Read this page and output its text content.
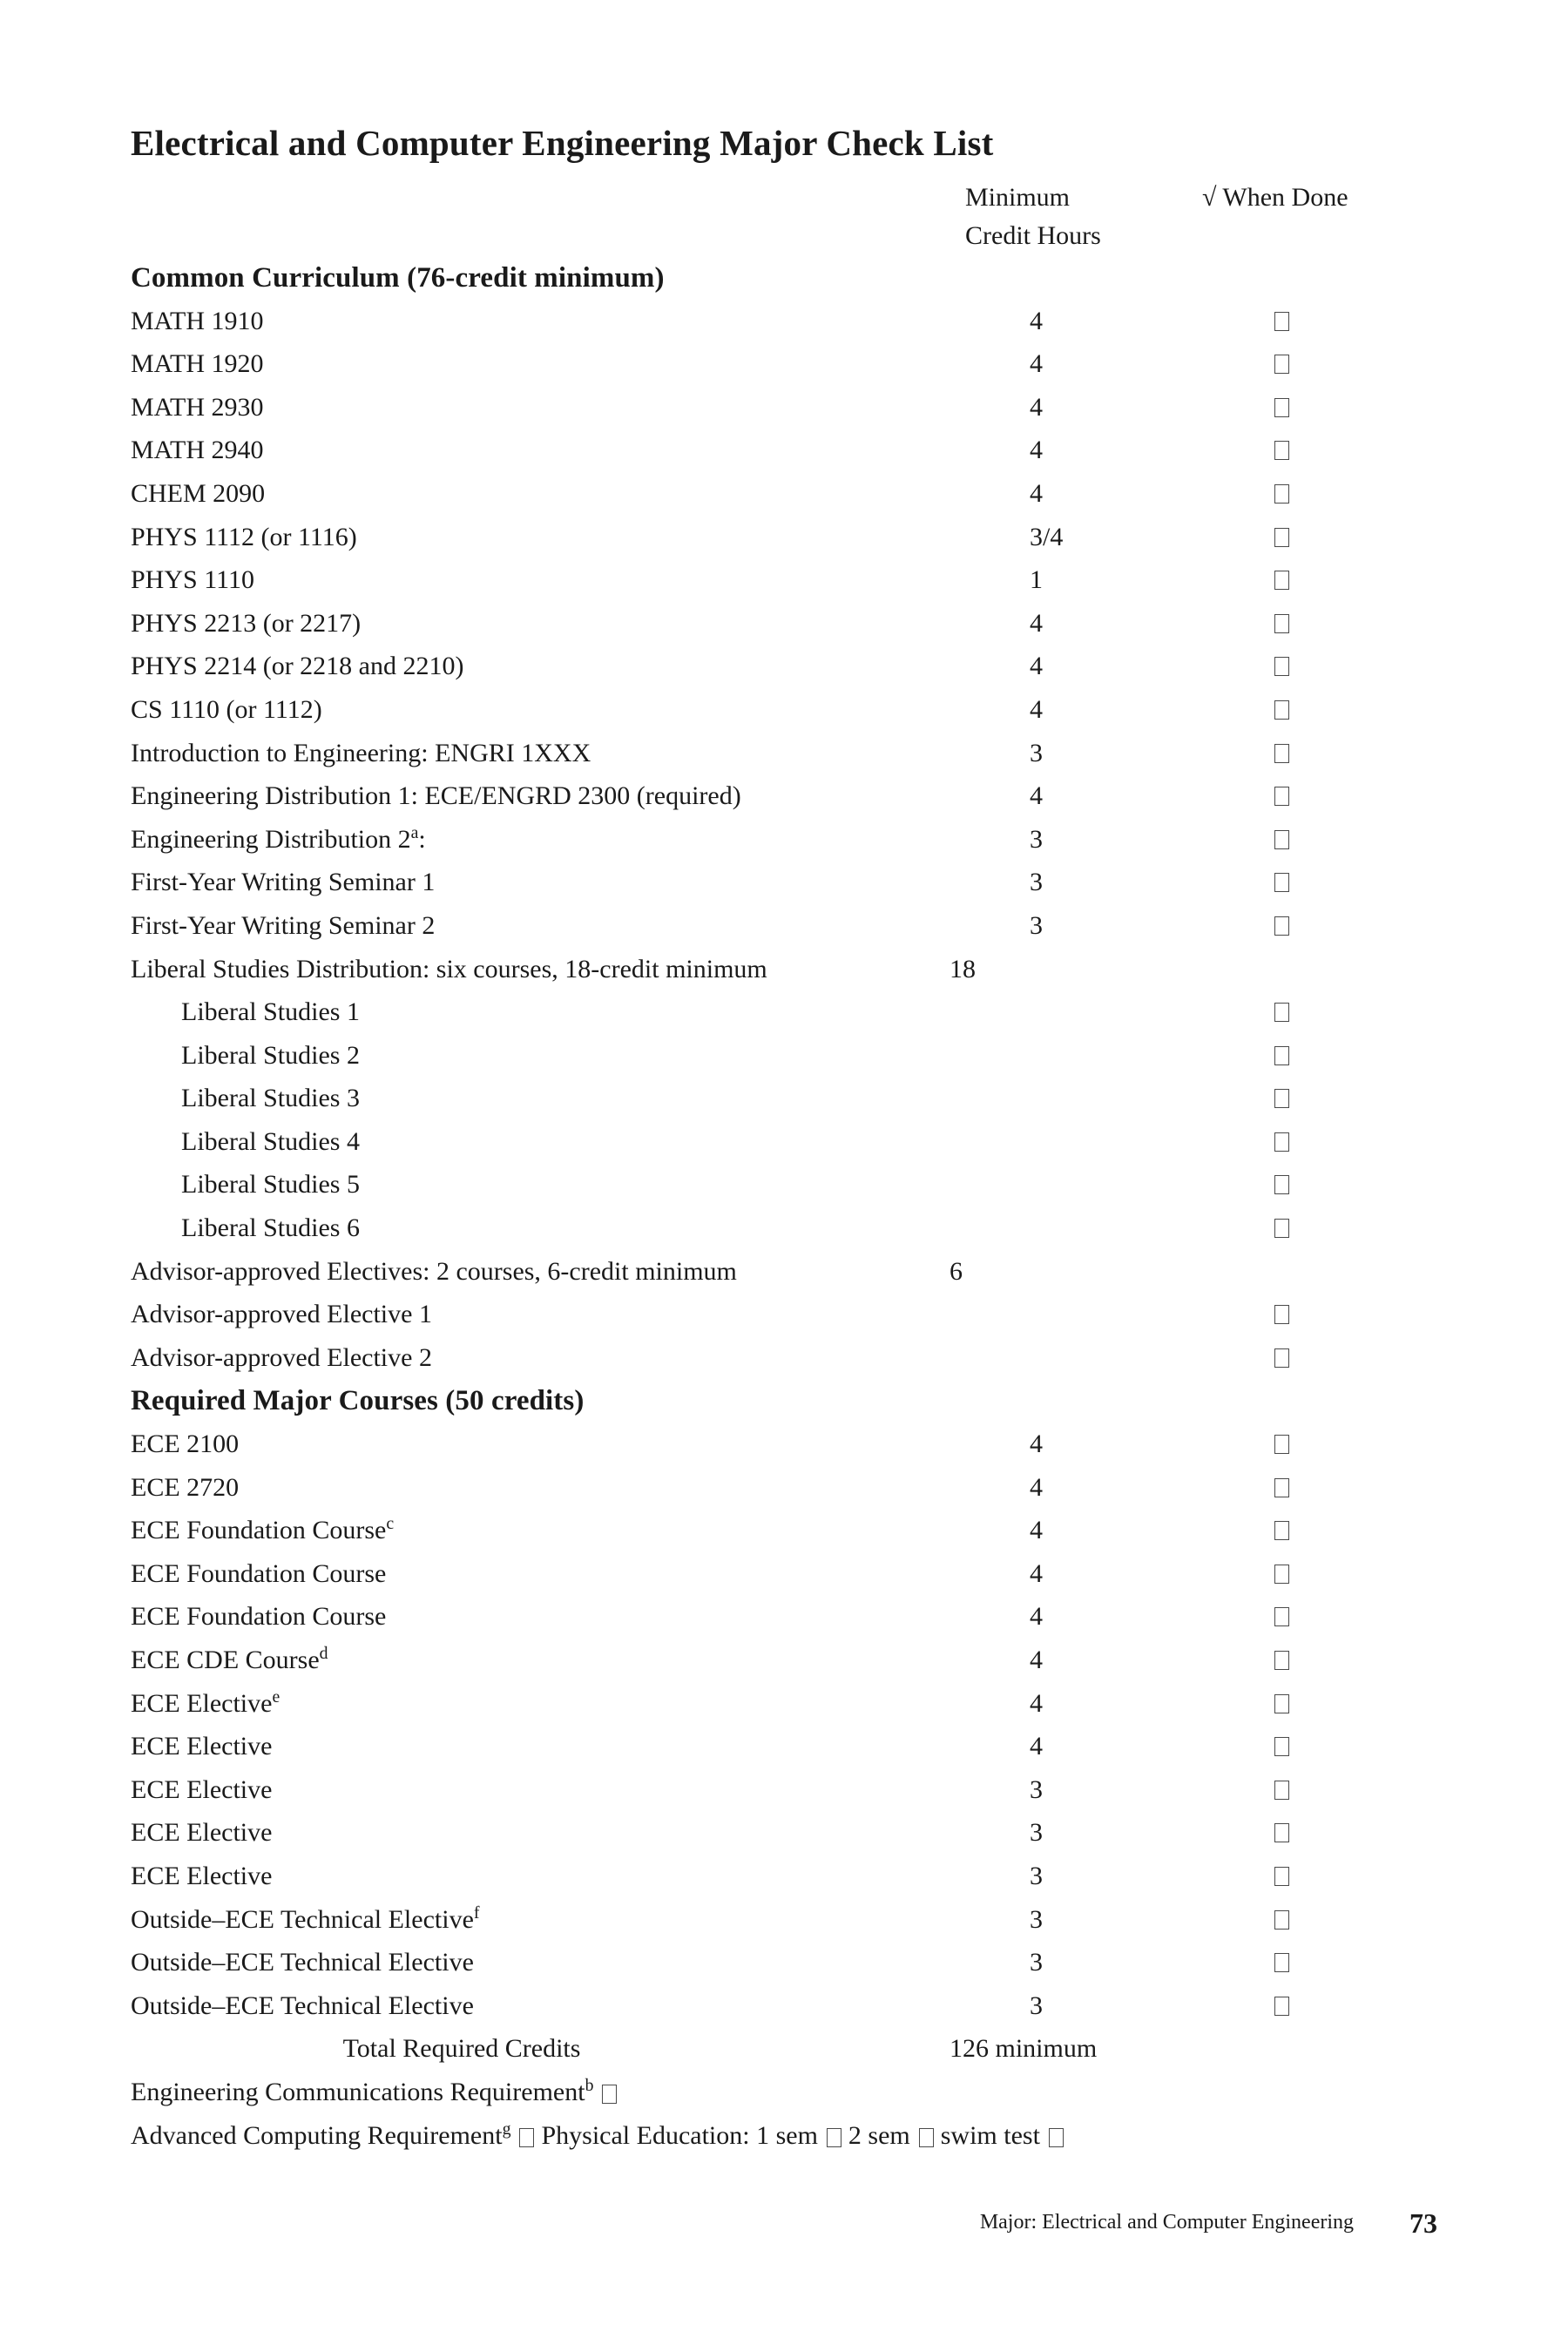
Electrical and Computer Engineering Major Check List
Minimum
Credit Hours
√ When Done
Common Curriculum (76-credit minimum)
MATH 1910	4
MATH 1920	4
MATH 2930	4
MATH 2940	4
CHEM 2090	4
PHYS 1112 (or 1116)	3/4
PHYS 1110	1
PHYS 2213 (or 2217)	4
PHYS 2214 (or 2218 and 2210)	4
CS 1110 (or 1112)	4
Introduction to Engineering: ENGRI 1XXX	3
Engineering Distribution 1: ECE/ENGRD 2300 (required)	4
Engineering Distribution 2$^a$:	3
First-Year Writing Seminar 1	3
First-Year Writing Seminar 2	3
Liberal Studies Distribution: six courses, 18-credit minimum	18
Liberal Studies 1
Liberal Studies 2
Liberal Studies 3
Liberal Studies 4
Liberal Studies 5
Liberal Studies 6
Advisor-approved Electives: 2 courses, 6-credit minimum	6
Advisor-approved Elective 1
Advisor-approved Elective 2
Required Major Courses (50 credits)
ECE 2100	4
ECE 2720	4
ECE Foundation Course$^c$	4
ECE Foundation Course	4
ECE Foundation Course	4
ECE CDE Course$^d$	4
ECE Elective$^e$	4
ECE Elective	4
ECE Elective	3
ECE Elective	3
ECE Elective	3
Outside–ECE Technical Elective$^f$	3
Outside–ECE Technical Elective	3
Outside–ECE Technical Elective	3
Total Required Credits	126 minimum
Engineering Communications Requirement$^b$
Advanced Computing Requirement$^g$ Physical Education: 1 sem 2 sem swim test
Major: Electrical and Computer Engineering 73
